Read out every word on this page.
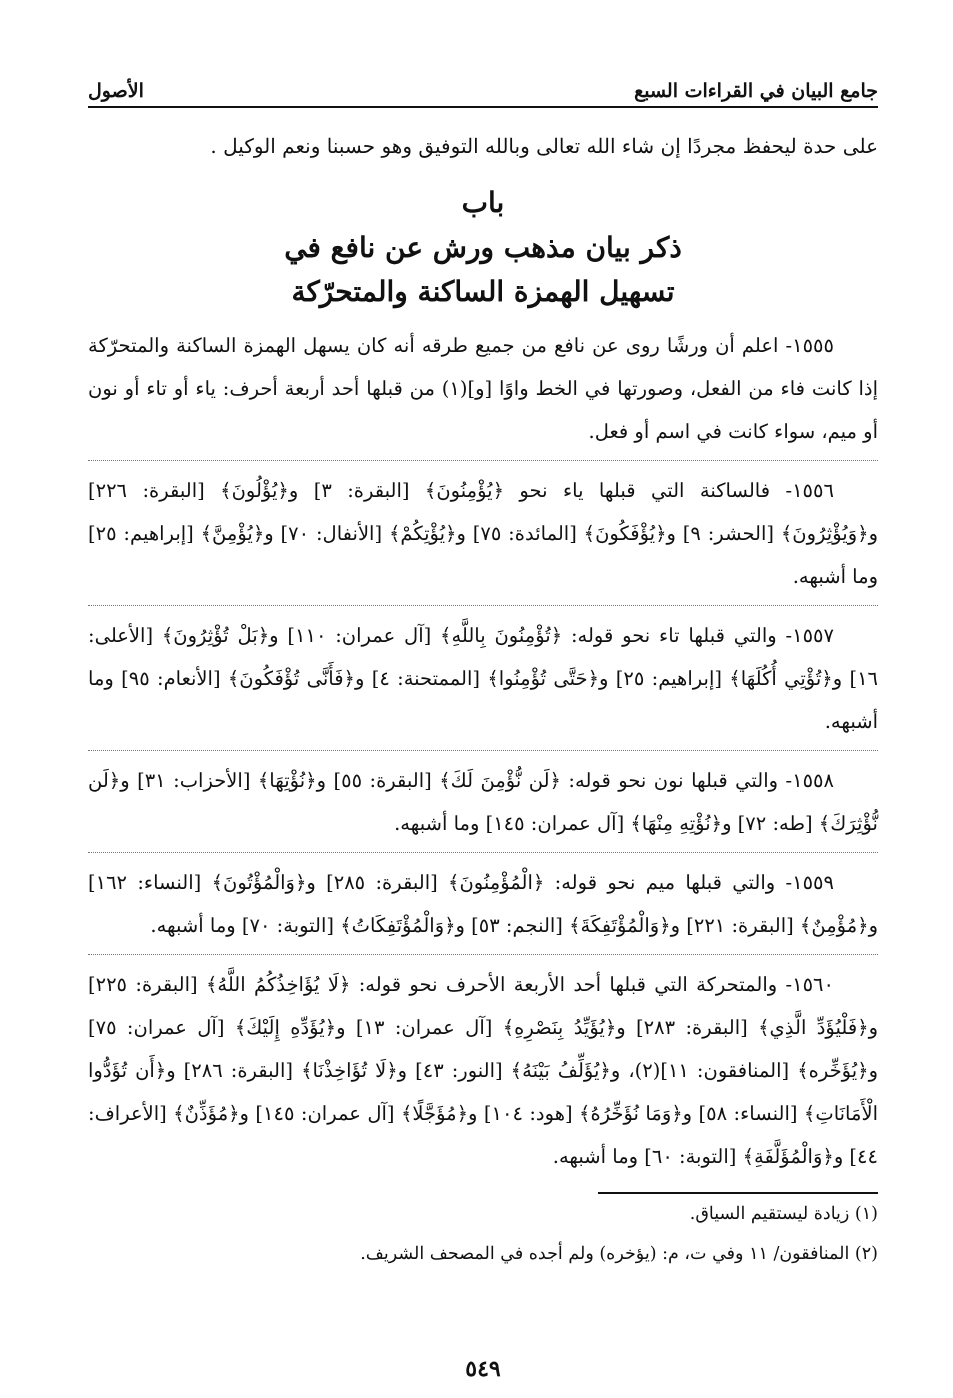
جامع البيان في القراءات السبع
الأصول
على حدة ليحفظ مجردًا إن شاء الله تعالى وبالله التوفيق وهو حسبنا ونعم الوكيل .
باب
ذكر بيان مذهب ورش عن نافع في
تسهيل الهمزة الساكنة والمتحرّكة

١٥٥٥- اعلم أن ورشًا روى عن نافع من جميع طرقه أنه كان يسهل الهمزة الساكنة والمتحرّكة إذا كانت فاء من الفعل، وصورتها في الخط واوًا [و](١) من قبلها أحد أربعة أحرف: ياء أو تاء أو نون أو ميم، سواء كانت في اسم أو فعل.

١٥٥٦- فالساكنة التي قبلها ياء نحو ﴿يُؤْمِنُونَ﴾ [البقرة: ٣] و﴿يُؤْلُونَ﴾ [البقرة: ٢٢٦] و﴿وَيُؤْثِرُونَ﴾ [الحشر: ٩] و﴿يُؤْفَكُونَ﴾ [المائدة: ٧٥] و﴿يُؤْتِكُمْ﴾ [الأنفال: ٧٠] و﴿يُؤْمِنَّ﴾ [إبراهيم: ٢٥] وما أشبهه.

١٥٥٧- والتي قبلها تاء نحو قوله: ﴿تُؤْمِنُونَ بِاللَّهِ﴾ [آل عمران: ١١٠] و﴿بَلْ تُؤْثِرُونَ﴾ [الأعلى: ١٦] و﴿تُؤْتِي أُكُلَهَا﴾ [إبراهيم: ٢٥] و﴿حَتَّى تُؤْمِنُوا﴾ [الممتحنة: ٤] و﴿فَأَنَّى تُؤْفَكُونَ﴾ [الأنعام: ٩٥] وما أشبهه.

١٥٥٨- والتي قبلها نون نحو قوله: ﴿لَن نُّؤْمِنَ لَكَ﴾ [البقرة: ٥٥] و﴿نُؤْتِهَا﴾ [الأحزاب: ٣١] و﴿لَن نُّؤْثِرَكَ﴾ [طه: ٧٢] و﴿نُؤْتِهِ مِنْهَا﴾ [آل عمران: ١٤٥] وما أشبهه.

١٥٥٩- والتي قبلها ميم نحو قوله: ﴿الْمُؤْمِنُونَ﴾ [البقرة: ٢٨٥] و﴿وَالْمُؤْتُونَ﴾ [النساء: ١٦٢] و﴿مُؤْمِنٌ﴾ [البقرة: ٢٢١] و﴿وَالْمُؤْتَفِكَةَ﴾ [النجم: ٥٣] و﴿وَالْمُؤْتَفِكَاتُ﴾ [التوبة: ٧٠] وما أشبهه.

١٥٦٠- والمتحركة التي قبلها أحد الأربعة الأحرف نحو قوله: ﴿لَا يُؤَاخِذُكُمُ اللَّهُ﴾ [البقرة: ٢٢٥] و﴿فَلْيُؤَدِّ الَّذِي﴾ [البقرة: ٢٨٣] و﴿يُؤَيِّدُ بِنَصْرِهِ﴾ [آل عمران: ١٣] و﴿يُؤَدِّهِ إِلَيْكَ﴾ [آل عمران: ٧٥] و﴿يُؤَخِّره﴾ [المنافقون: ١١](٢)، و﴿يُؤَلِّفُ بَيْنَهُ﴾ [النور: ٤٣] و﴿لَا تُؤَاخِذْنَا﴾ [البقرة: ٢٨٦] و﴿أَن تُؤَدُّوا الْأَمَانَاتِ﴾ [النساء: ٥٨] و﴿وَمَا نُؤَخِّرُهُ﴾ [هود: ١٠٤] و﴿مُؤَجَّلًا﴾ [آل عمران: ١٤٥] و﴿مُؤَذِّنٌ﴾ [الأعراف: ٤٤] و﴿وَالْمُؤَلَّفَةِ﴾ [التوبة: ٦٠] وما أشبهه.

(١) زيادة ليستقيم السياق.
(٢) المنافقون/ ١١ وفي ت، م: (يؤخره) ولم أجده في المصحف الشريف.
٥٤٩
